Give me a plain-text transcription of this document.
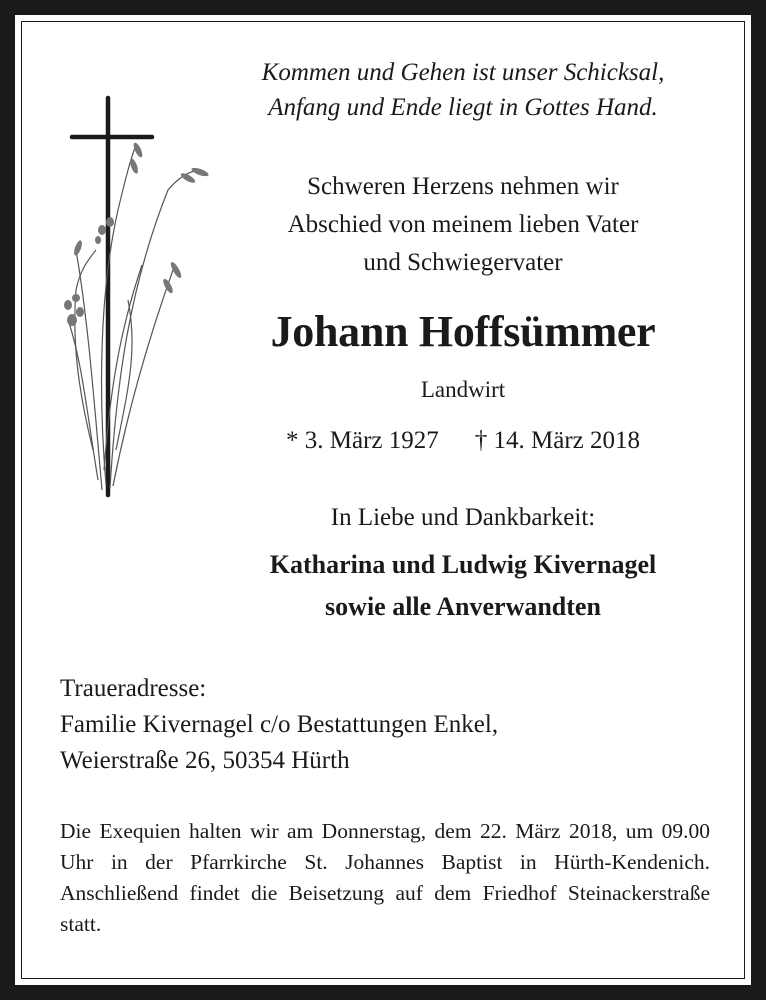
Kommen und Gehen ist unser Schicksal,
Anfang und Ende liegt in Gottes Hand.
Schweren Herzens nehmen wir
Abschied von meinem lieben Vater
und Schwiegervater
Johann Hoffsümmer
Landwirt
* 3. März 1927 † 14. März 2018
In Liebe und Dankbarkeit:
Katharina und Ludwig Kivernagel
sowie alle Anverwandten
Traueradresse:
Familie Kivernagel c/o Bestattungen Enkel,
Weierstraße 26, 50354 Hürth
Die Exequien halten wir am Donnerstag, dem 22. März 2018, um 09.00 Uhr in der Pfarrkirche St. Johannes Baptist in Hürth-Kendenich. Anschließend findet die Beisetzung auf dem Friedhof Steinackerstraße statt.
